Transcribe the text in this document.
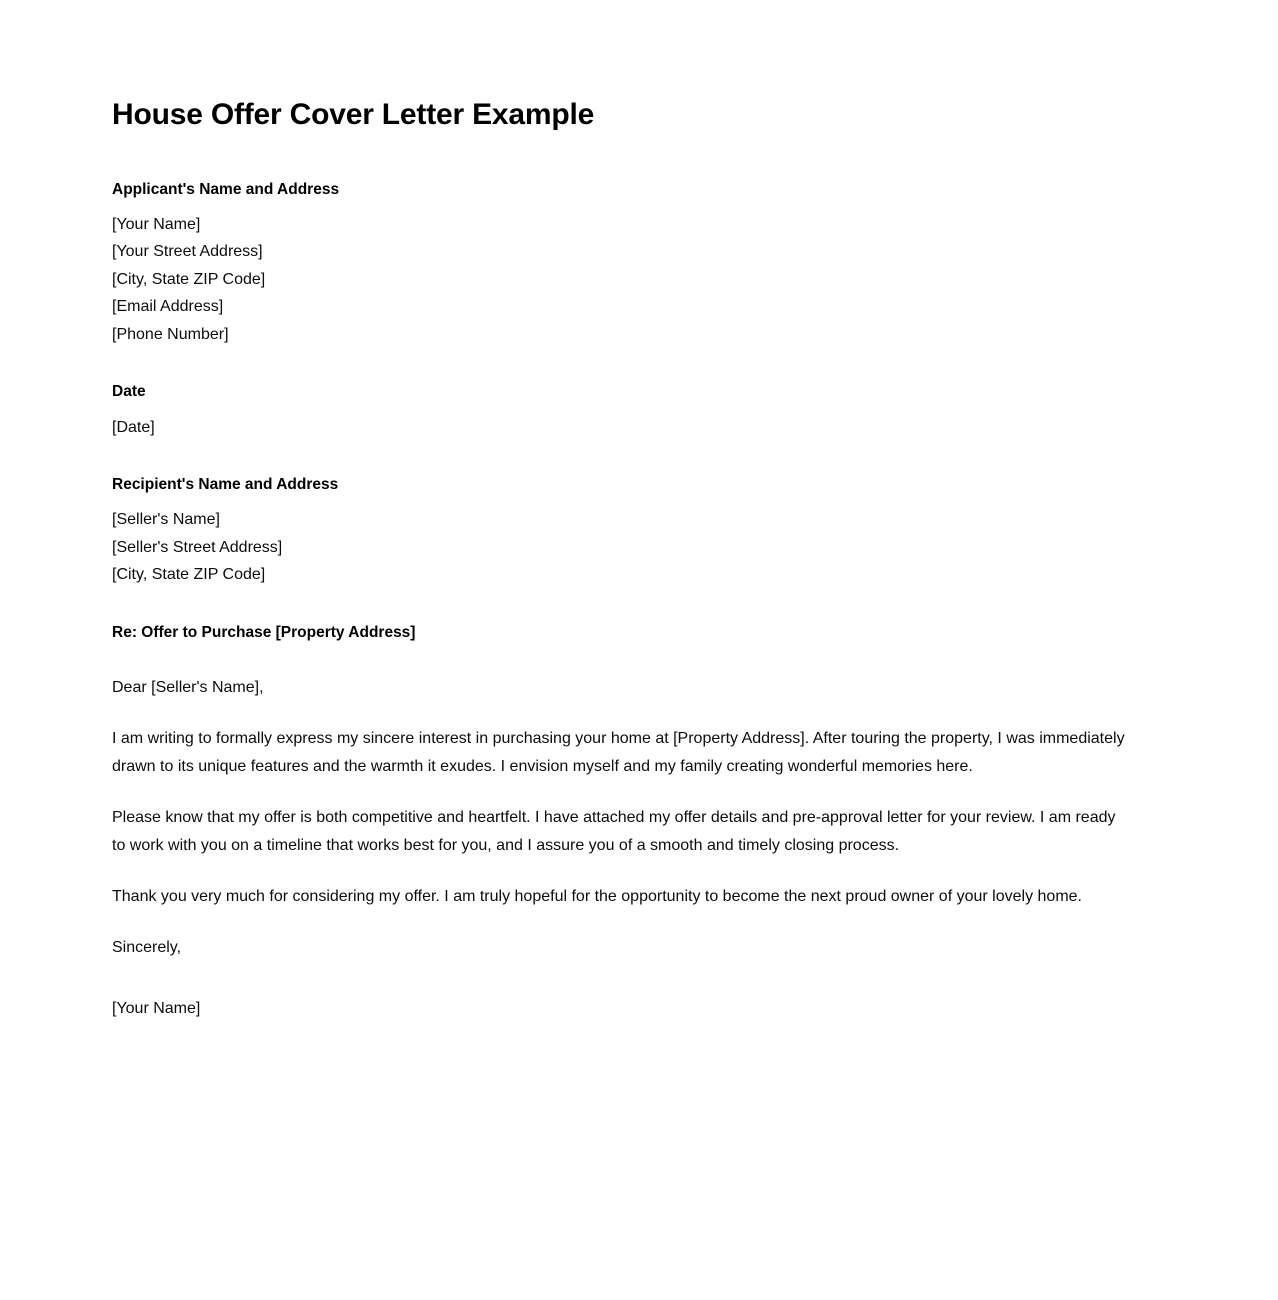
House Offer Cover Letter Example
Applicant's Name and Address

[Your Name]

[Your Street Address]

[City, State ZIP Code]

[Email Address]

[Phone Number]

Date

[Date]

Recipient's Name and Address

[Seller's Name]

[Seller's Street Address]

[City, State ZIP Code]

Re: Offer to Purchase [Property Address]

Dear [Seller's Name],

I am writing to formally express my sincere interest in purchasing your home at [Property Address]. After touring the property, I was immediately drawn to its unique features and the warmth it exudes. I envision myself and my family creating wonderful memories here.

Please know that my offer is both competitive and heartfelt. I have attached my offer details and pre-approval letter for your review. I am ready to work with you on a timeline that works best for you, and I assure you of a smooth and timely closing process.

Thank you very much for considering my offer. I am truly hopeful for the opportunity to become the next proud owner of your lovely home.

Sincerely,

[Your Name]
